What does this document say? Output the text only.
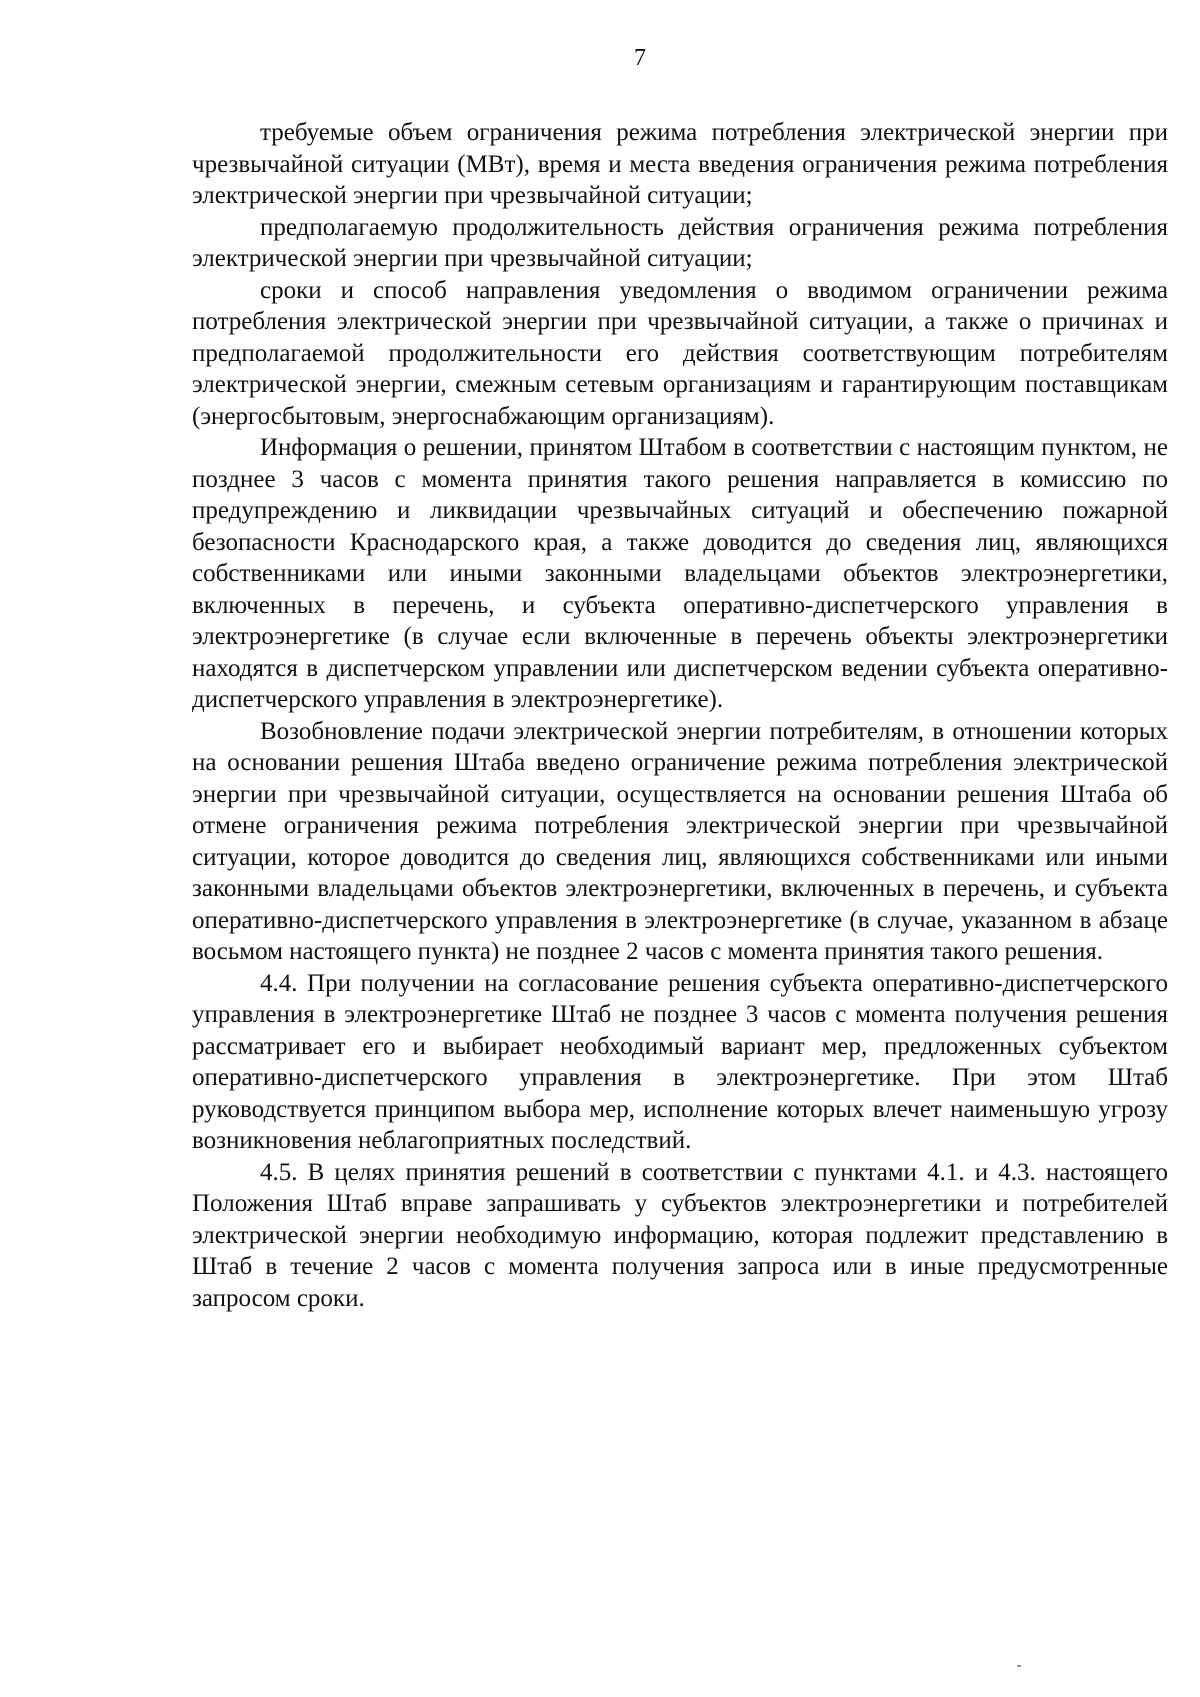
7

требуемые объем ограничения режима потребления электрической энергии при чрезвычайной ситуации (МВт), время и места введения ограничения режима потребления электрической энергии при чрезвычайной ситуации;

предполагаемую продолжительность действия ограничения режима потребления электрической энергии при чрезвычайной ситуации;

сроки и способ направления уведомления о вводимом ограничении режима потребления электрической энергии при чрезвычайной ситуации, а также о причинах и предполагаемой продолжительности его действия соответствующим потребителям электрической энергии, смежным сетевым организациям и гарантирующим поставщикам (энергосбытовым, энергоснабжающим организациям).

Информация о решении, принятом Штабом в соответствии с настоящим пунктом, не позднее 3 часов с момента принятия такого решения направляется в комиссию по предупреждению и ликвидации чрезвычайных ситуаций и обеспечению пожарной безопасности Краснодарского края, а также доводится до сведения лиц, являющихся собственниками или иными законными владельцами объектов электроэнергетики, включенных в перечень, и субъекта оперативно-диспетчерского управления в электроэнергетике (в случае если включенные в перечень объекты электроэнергетики находятся в диспетчерском управлении или диспетчерском ведении субъекта оперативно-диспетчерского управления в электроэнергетике).

Возобновление подачи электрической энергии потребителям, в отношении которых на основании решения Штаба введено ограничение режима потребления электрической энергии при чрезвычайной ситуации, осуществляется на основании решения Штаба об отмене ограничения режима потребления электрической энергии при чрезвычайной ситуации, которое доводится до сведения лиц, являющихся собственниками или иными законными владельцами объектов электроэнергетики, включенных в перечень, и субъекта оперативно-диспетчерского управления в электроэнергетике (в случае, указанном в абзаце восьмом настоящего пункта) не позднее 2 часов с момента принятия такого решения.

4.4. При получении на согласование решения субъекта оперативно-диспетчерского управления в электроэнергетике Штаб не позднее 3 часов с момента получения решения рассматривает его и выбирает необходимый вариант мер, предложенных субъектом оперативно-диспетчерского управления в электроэнергетике. При этом Штаб руководствуется принципом выбора мер, исполнение которых влечет наименьшую угрозу возникновения неблагоприятных последствий.

4.5. В целях принятия решений в соответствии с пунктами 4.1. и 4.3. настоящего Положения Штаб вправе запрашивать у субъектов электроэнергетики и потребителей электрической энергии необходимую информацию, которая подлежит представлению в Штаб в течение 2 часов с момента получения запроса или в иные предусмотренные запросом сроки.
